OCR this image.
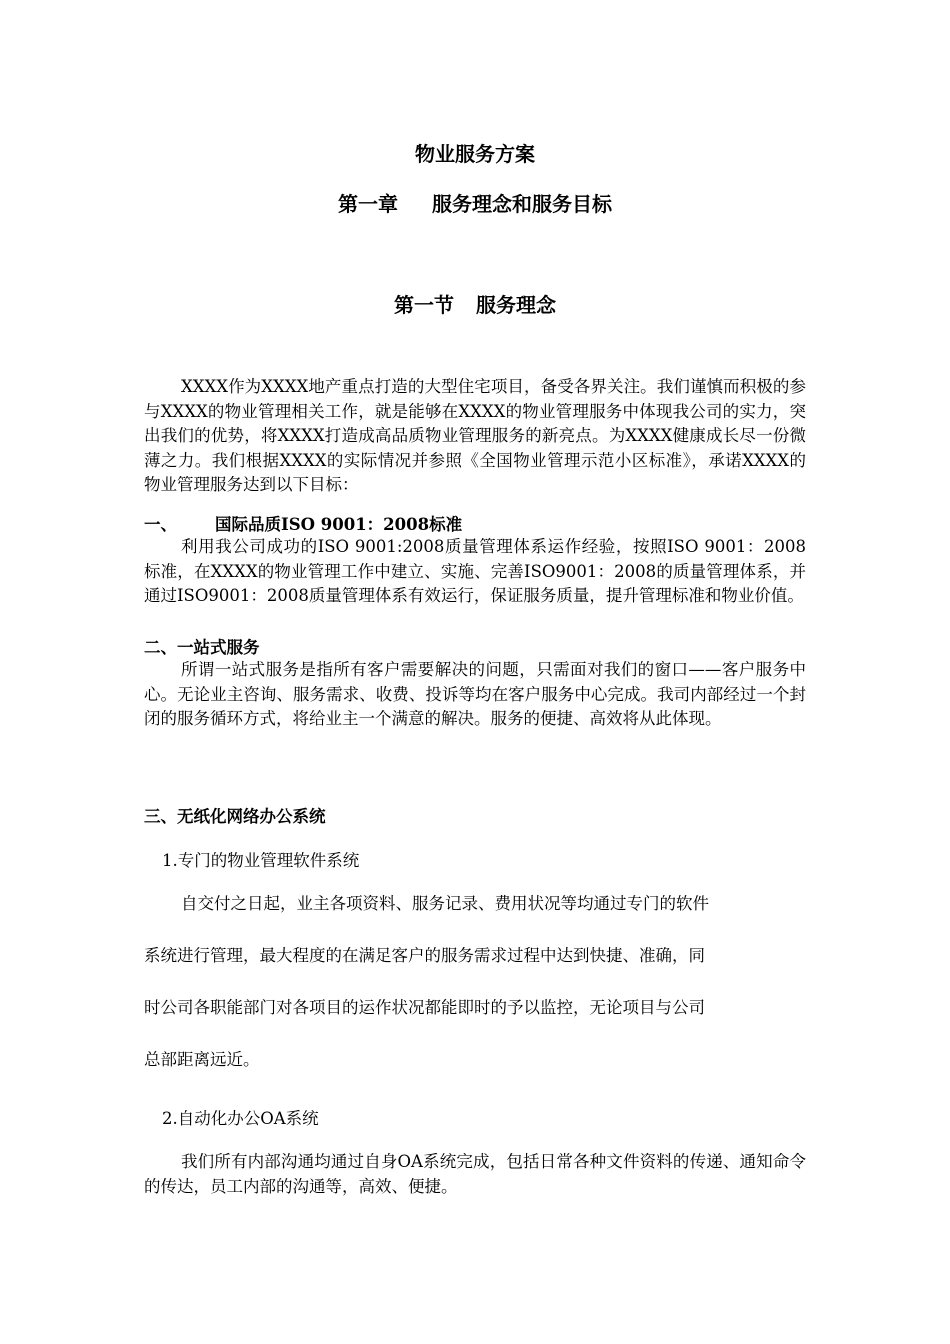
物业服务方案
第一章 服务理念和服务目标
第一节 服务理念
XXXX作为XXXX地产重点打造的大型住宅项目，备受各界关注。我们谨慎而积极的参与XXXX的物业管理相关工作，就是能够在XXXX的物业管理服务中体现我公司的实力，突出我们的优势，将XXXX打造成高品质物业管理服务的新亮点。为XXXX健康成长尽一份微薄之力。我们根据XXXX的实际情况并参照《全国物业管理示范小区标准》，承诺XXXX的物业管理服务达到以下目标：
一、 国际品质ISO 9001：2008标准
利用我公司成功的ISO 9001:2008质量管理体系运作经验，按照ISO 9001：2008标准，在XXXX的物业管理工作中建立、实施、完善ISO9001：2008的质量管理体系，并通过ISO9001：2008质量管理体系有效运行，保证服务质量，提升管理标准和物业价值。
二、一站式服务
所谓一站式服务是指所有客户需要解决的问题，只需面对我们的窗口——客户服务中心。无论业主咨询、服务需求、收费、投诉等均在客户服务中心完成。我司内部经过一个封闭的服务循环方式，将给业主一个满意的解决。服务的便捷、高效将从此体现。
三、无纸化网络办公系统
1.专门的物业管理软件系统
自交付之日起，业主各项资料、服务记录、费用状况等均通过专门的软件
系统进行管理，最大程度的在满足客户的服务需求过程中达到快捷、准确，同
时公司各职能部门对各项目的运作状况都能即时的予以监控，无论项目与公司
总部距离远近。
2.自动化办公OA系统
我们所有内部沟通均通过自身OA系统完成，包括日常各种文件资料的传递、通知命令的传达，员工内部的沟通等，高效、便捷。
